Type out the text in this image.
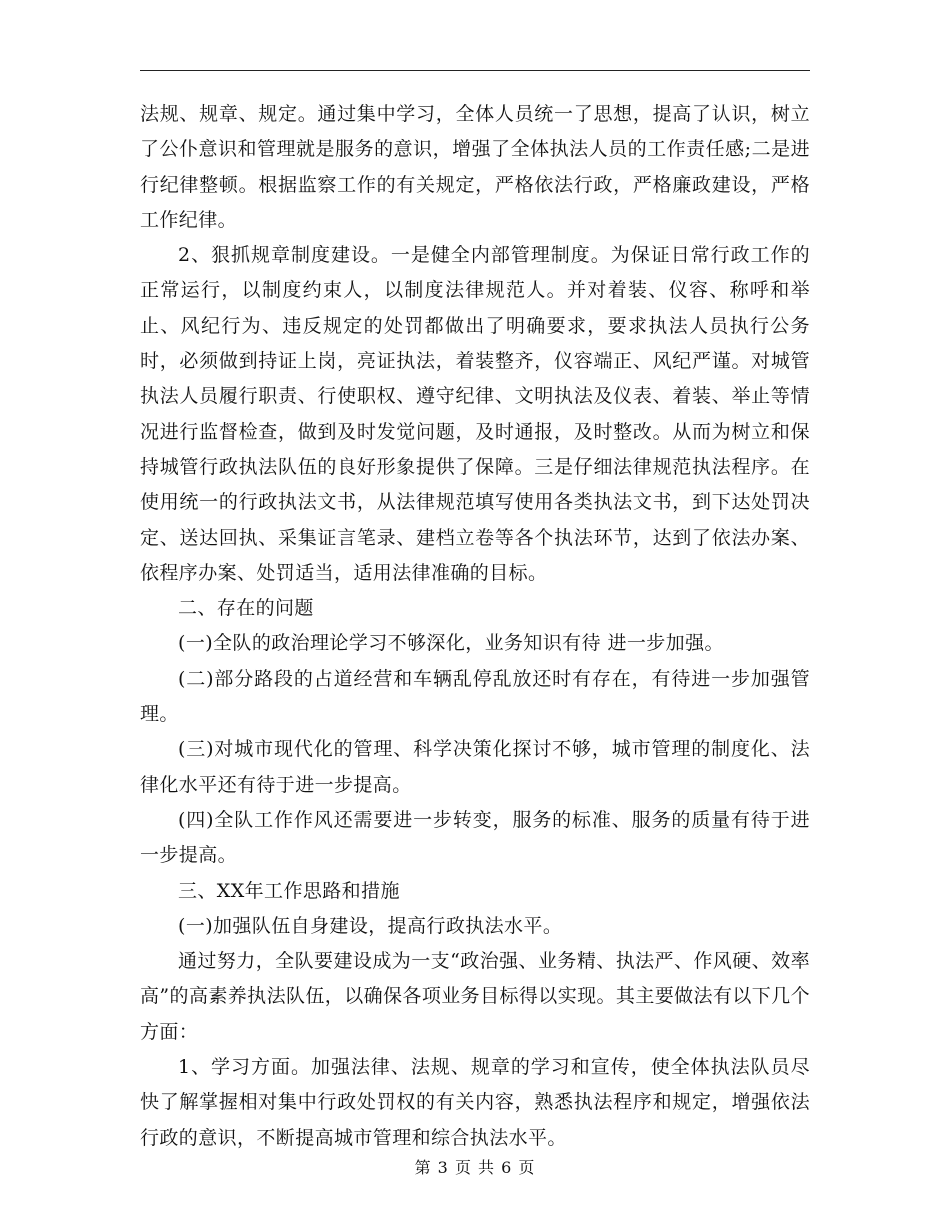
法规、规章、规定。通过集中学习，全体人员统一了思想，提高了认识，树立了公仆意识和管理就是服务的意识，增强了全体执法人员的工作责任感;二是进行纪律整顿。根据监察工作的有关规定，严格依法行政，严格廉政建设，严格工作纪律。

2、狠抓规章制度建设。一是健全内部管理制度。为保证日常行政工作的正常运行，以制度约束人，以制度法律规范人。并对着装、仪容、称呼和举止、风纪行为、违反规定的处罚都做出了明确要求，要求执法人员执行公务时，必须做到持证上岗，亮证执法，着装整齐，仪容端正、风纪严谨。对城管执法人员履行职责、行使职权、遵守纪律、文明执法及仪表、着装、举止等情况进行监督检查，做到及时发觉问题，及时通报，及时整改。从而为树立和保持城管行政执法队伍的良好形象提供了保障。三是仔细法律规范执法程序。在使用统一的行政执法文书，从法律规范填写使用各类执法文书，到下达处罚决定、送达回执、采集证言笔录、建档立卷等各个执法环节，达到了依法办案、依程序办案、处罚适当，适用法律准确的目标。

二、存在的问题

(一)全队的政治理论学习不够深化，业务知识有待 进一步加强。

(二)部分路段的占道经营和车辆乱停乱放还时有存在，有待进一步加强管理。

(三)对城市现代化的管理、科学决策化探讨不够，城市管理的制度化、法律化水平还有待于进一步提高。

(四)全队工作作风还需要进一步转变，服务的标准、服务的质量有待于进一步提高。

三、XX年工作思路和措施

(一)加强队伍自身建设，提高行政执法水平。

通过努力，全队要建设成为一支“政治强、业务精、执法严、作风硬、效率高”的高素养执法队伍，以确保各项业务目标得以实现。其主要做法有以下几个方面：

1、学习方面。加强法律、法规、规章的学习和宣传，使全体执法队员尽快了解掌握相对集中行政处罚权的有关内容，熟悉执法程序和规定，增强依法行政的意识，不断提高城市管理和综合执法水平。

第 3 页 共 6 页
